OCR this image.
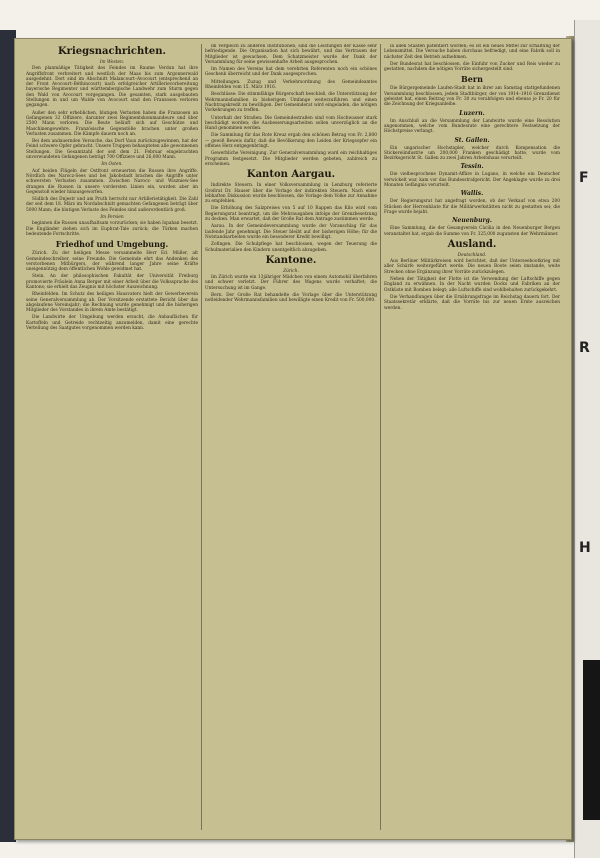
F
R
H
Kriegsnachrichten.
Im Westen.

Den planmäßige Tätigkeit des Feindes im Raume Verdun hat ihre Angriffsfront verbreitert und westlich der Maas bis zum Argonnerwald ausgedehnt. Dort sind im Abschnitt Malancourt–Avocourt (entsprechend an der Front Avocourt–Béthincourt) nach erfolgreicher Artillerievorbereitung bayerische Regimenter und württembergische Landwehr zum Sturm gegen den Wald von Avocourt vorgegangen. Die gesamten, stark ausgebauten Stellungen in und um Walde von Avocourt sind den Franzosen verloren gegangen.

Außer den sehr erheblichen, blutigen Verlusten haben die Franzosen an Gefangenen 32 Offiziere, darunter zwei Regimentskommandeure und über 2500 Mann verloren. Die Beute beläuft sich auf Geschütze und Maschinengewehre. Französische Gegenstöße brachen unter großen Verlusten zusammen. Die Kämpfe dauern noch an.

Bei dem andauernden Versuche, das Dorf Vaux zurückzugewinnen, hat der Feind schwere Opfer gebracht. Unsere Truppen behaupteten alle gewonnenen Stellungen. Die Gesamtzahl der seit dem 21. Februar eingebrachten unverwundeten Gefangenen beträgt 700 Offiziere und 26,000 Mann.

Im Osten.

Auf beiden Flügeln der Ostfront erneuerten die Russen ihre Angriffe. Nördlich des Narocz-Sees und bei Jakobstadt brachen die Angriffe unter schwersten Verlusten zusammen. Zwischen Narocz- und Wiszniew-See drangen die Russen in unsere vordersten Linien ein, wurden aber im Gegenstoß wieder hinausgeworfen.

Südlich des Dnjestr und am Pruth herrscht nur Artillerietätigkeit. Die Zahl der seit dem 18. März im Nordabschnitt gemachten Gefangenen beträgt über 5000 Mann; die blutigen Verluste des Feindes sind außerordentlich groß.

Im Persien

beginnen die Russen unaufhaltsam vorzurücken; sie haben Ispahan besetzt. Die Engländer ziehen sich im Euphrat-Tale zurück; die Türken machen bedeutende Fortschritte.

Friedhof und Umgebung.

Zürich. Zu der heiligen Messe versammelte Herr Ed. Müller, alt Gemeindeschreiber, seine Freunde. Die Gemeinde ehrt das Andenken des verstorbenen Mitbürgers, der während langer Jahre seine Kräfte uneigennützig dem öffentlichen Wohle gewidmet hat.

Stein. An der philosophischen Fakultät der Universität Freiburg promovierte Fräulein Anna Berger mit einer Arbeit über die Volkssprache des Kantons; sie erhielt das Zeugnis mit höchster Auszeichnung.

Rheinfelden. Im Schutz des heiligen Hausvaters hielt der Gewerbeverein seine Generalversammlung ab. Der Vorsitzende erstattete Bericht über das abgelaufene Vereinsjahr; die Rechnung wurde genehmigt und die bisherigen Mitglieder des Vorstandes in ihrem Amte bestätigt.

Die Landwirte der Umgebung werden ersucht, die Anbauflächen für Kartoffeln und Getreide rechtzeitig anzumelden, damit eine gerechte Verteilung des Saatgutes vorgenommen werden kann.

im Vergleich zu anderen Institutionen, sind die Leistungen der Kasse sehr befriedigende. Die Organisation hat sich bewährt, und das Vertrauen der Mitglieder ist gewachsen. Dem Schatzmeister wurde der Dank der Versammlung für seine gewissenhafte Arbeit ausgesprochen.

Im Namen des Vereins hat dem verehrten Referenten noch ein schönes Geschenk überreicht und der Dank ausgesprochen.

Mitteilungen. Zuzug und Verkehrsordnung des Gemeindeamtes Rheinfelden vom 15. März 1916.

Beschlüsse: Die stimmfähige Bürgerschaft beschloß, die Unterstützung der Wehrmannsfamilien in bisherigem Umfange weiterzuführen und einen Nachtragskredit zu bewilligen. Der Gemeinderat wird eingeladen, die nötigen Vorkehrungen zu treffen.

Unterhalt der Straßen: Die Gemeindestraßen sind vom Hochwasser stark beschädigt worden; die Ausbesserungsarbeiten sollen unverzüglich an die Hand genommen werden.

Die Sammlung für das Rote Kreuz ergab den schönen Betrag von Fr. 2,800 — gewiß Beweis dafür, daß die Bevölkerung den Leiden der Kriegsopfer ein offenes Herz entgegenbringt.

Gewerbliche Vereinigung. Zur Generalversammlung ward ein reichhaltiges Programm festgesetzt. Die Mitglieder werden gebeten, zahlreich zu erscheinen.

Kanton Aargau.

Indirekte Steuern. In einer Volksversammlung in Lenzburg referierte Großrat Dr. Hauser über die Vorlage der indirekten Steuern. Nach einer lebhaften Diskussion wurde beschlossen, die Vorlage dem Volke zur Annahme zu empfehlen.

Die Erhöhung des Salzpreises von 5 auf 10 Rappen das Kilo wird vom Regierungsrat beantragt, um die Mehrausgaben infolge der Grenzbesetzung zu decken. Man erwartet, daß der Große Rat dem Antrage zustimmen werde.

Aarau. In der Gemeindeversammlung wurde der Voranschlag für das laufende Jahr genehmigt. Die Steuer bleibt auf der bisherigen Höhe; für die Notstandsarbeiten wurde ein besonderer Kredit bewilligt.

Zofingen. Die Schulpflege hat beschlossen, wegen der Teuerung die Schulmaterialien den Kindern unentgeltlich abzugeben.

Kantone.
Zürich.

Im Zürich wurde ein 13jähriger Mädchen von einem Automobil überfahren und schwer verletzt. Der Führer des Wagens wurde verhaftet; die Untersuchung ist im Gange.

Bern. Der Große Rat behandelte die Vorlage über die Unterstützung notleidender Wehrmannsfamilien und bewilligte einen Kredit von Fr. 500,000.

in allen Staaten patentiert worden; es ist ein neues Mittel zur Erhaltung der Lebensmittel. Die Versuche haben durchaus befriedigt, und eine Fabrik soll in nächster Zeit den Betrieb aufnehmen.

Der Bundesrat hat beschlossen, die Einfuhr von Zucker und Reis wieder zu gestatten, nachdem die nötigen Vorräte sichergestellt sind.

Bern

Die Bürgergemeinde Laufen-Stadt hat in ihrer am Samstag stattgefundenen Versammlung beschlossen, jedem Stadtbürger, der von 1914–1916 Grenzdienst geleistet hat, einen Beitrag von Fr. 30 zu verabfolgen und ebenso je Fr. 20 für die Zeichnung der Kriegsanleihe.

Luzern.

Im Anschluß an die Versammlung der Landwirte wurde eine Resolution angenommen, welche vom Bundesrate eine gerechtere Festsetzung der Höchstpreise verlangt.

St. Gallen.

Ein ungarischer Hochstapler, welcher durch Kompensation die Stickereiindustrie um 200,000 Franken geschädigt hatte, wurde vom Bezirksgericht St. Gallen zu zwei Jahren Arbeitshaus verurteilt.

Tessin.

Die vielbesprochene Dynamit-Affäre in Lugano, in welche ein Deutscher verwickelt war, kam vor das Bundesstrafgericht. Der Angeklagte wurde zu drei Monaten Gefängnis verurteilt.

Wallis.

Der Regierungsrat hat angefragt worden, ob der Verkauf von etwa 200 Stücken der Herrenhäute für die Militärwerkstätten nicht zu gestatten sei; die Frage wurde bejaht.

Neuenburg.

Eine Sammlung, die der Gesangverein Cäcilia in den Neuenburger Bergen veranstaltet hat, ergab die Summe von Fr. 325,000 zugunsten der Wehrmänner.

Ausland.
Deutschland.

Aus Berliner Militärkreisen wird berichtet, daß der Unterseebootkrieg mit aller Schärfe weitergeführt werde. Die neuen Boote seien imstande, weite Strecken ohne Ergänzung ihrer Vorräte zurückzulegen.

Neben der Tätigkeit der Flotte ist die Verwendung der Luftschiffe gegen England zu erwähnen. In der Nacht wurden Docks und Fabriken an der Ostküste mit Bomben belegt; alle Luftschiffe sind wohlbehalten zurückgekehrt.

Die Verhandlungen über die Ernährungsfrage im Reichstag dauern fort. Der Staatssekretär erklärte, daß die Vorräte bis zur neuen Ernte ausreichen werden.
